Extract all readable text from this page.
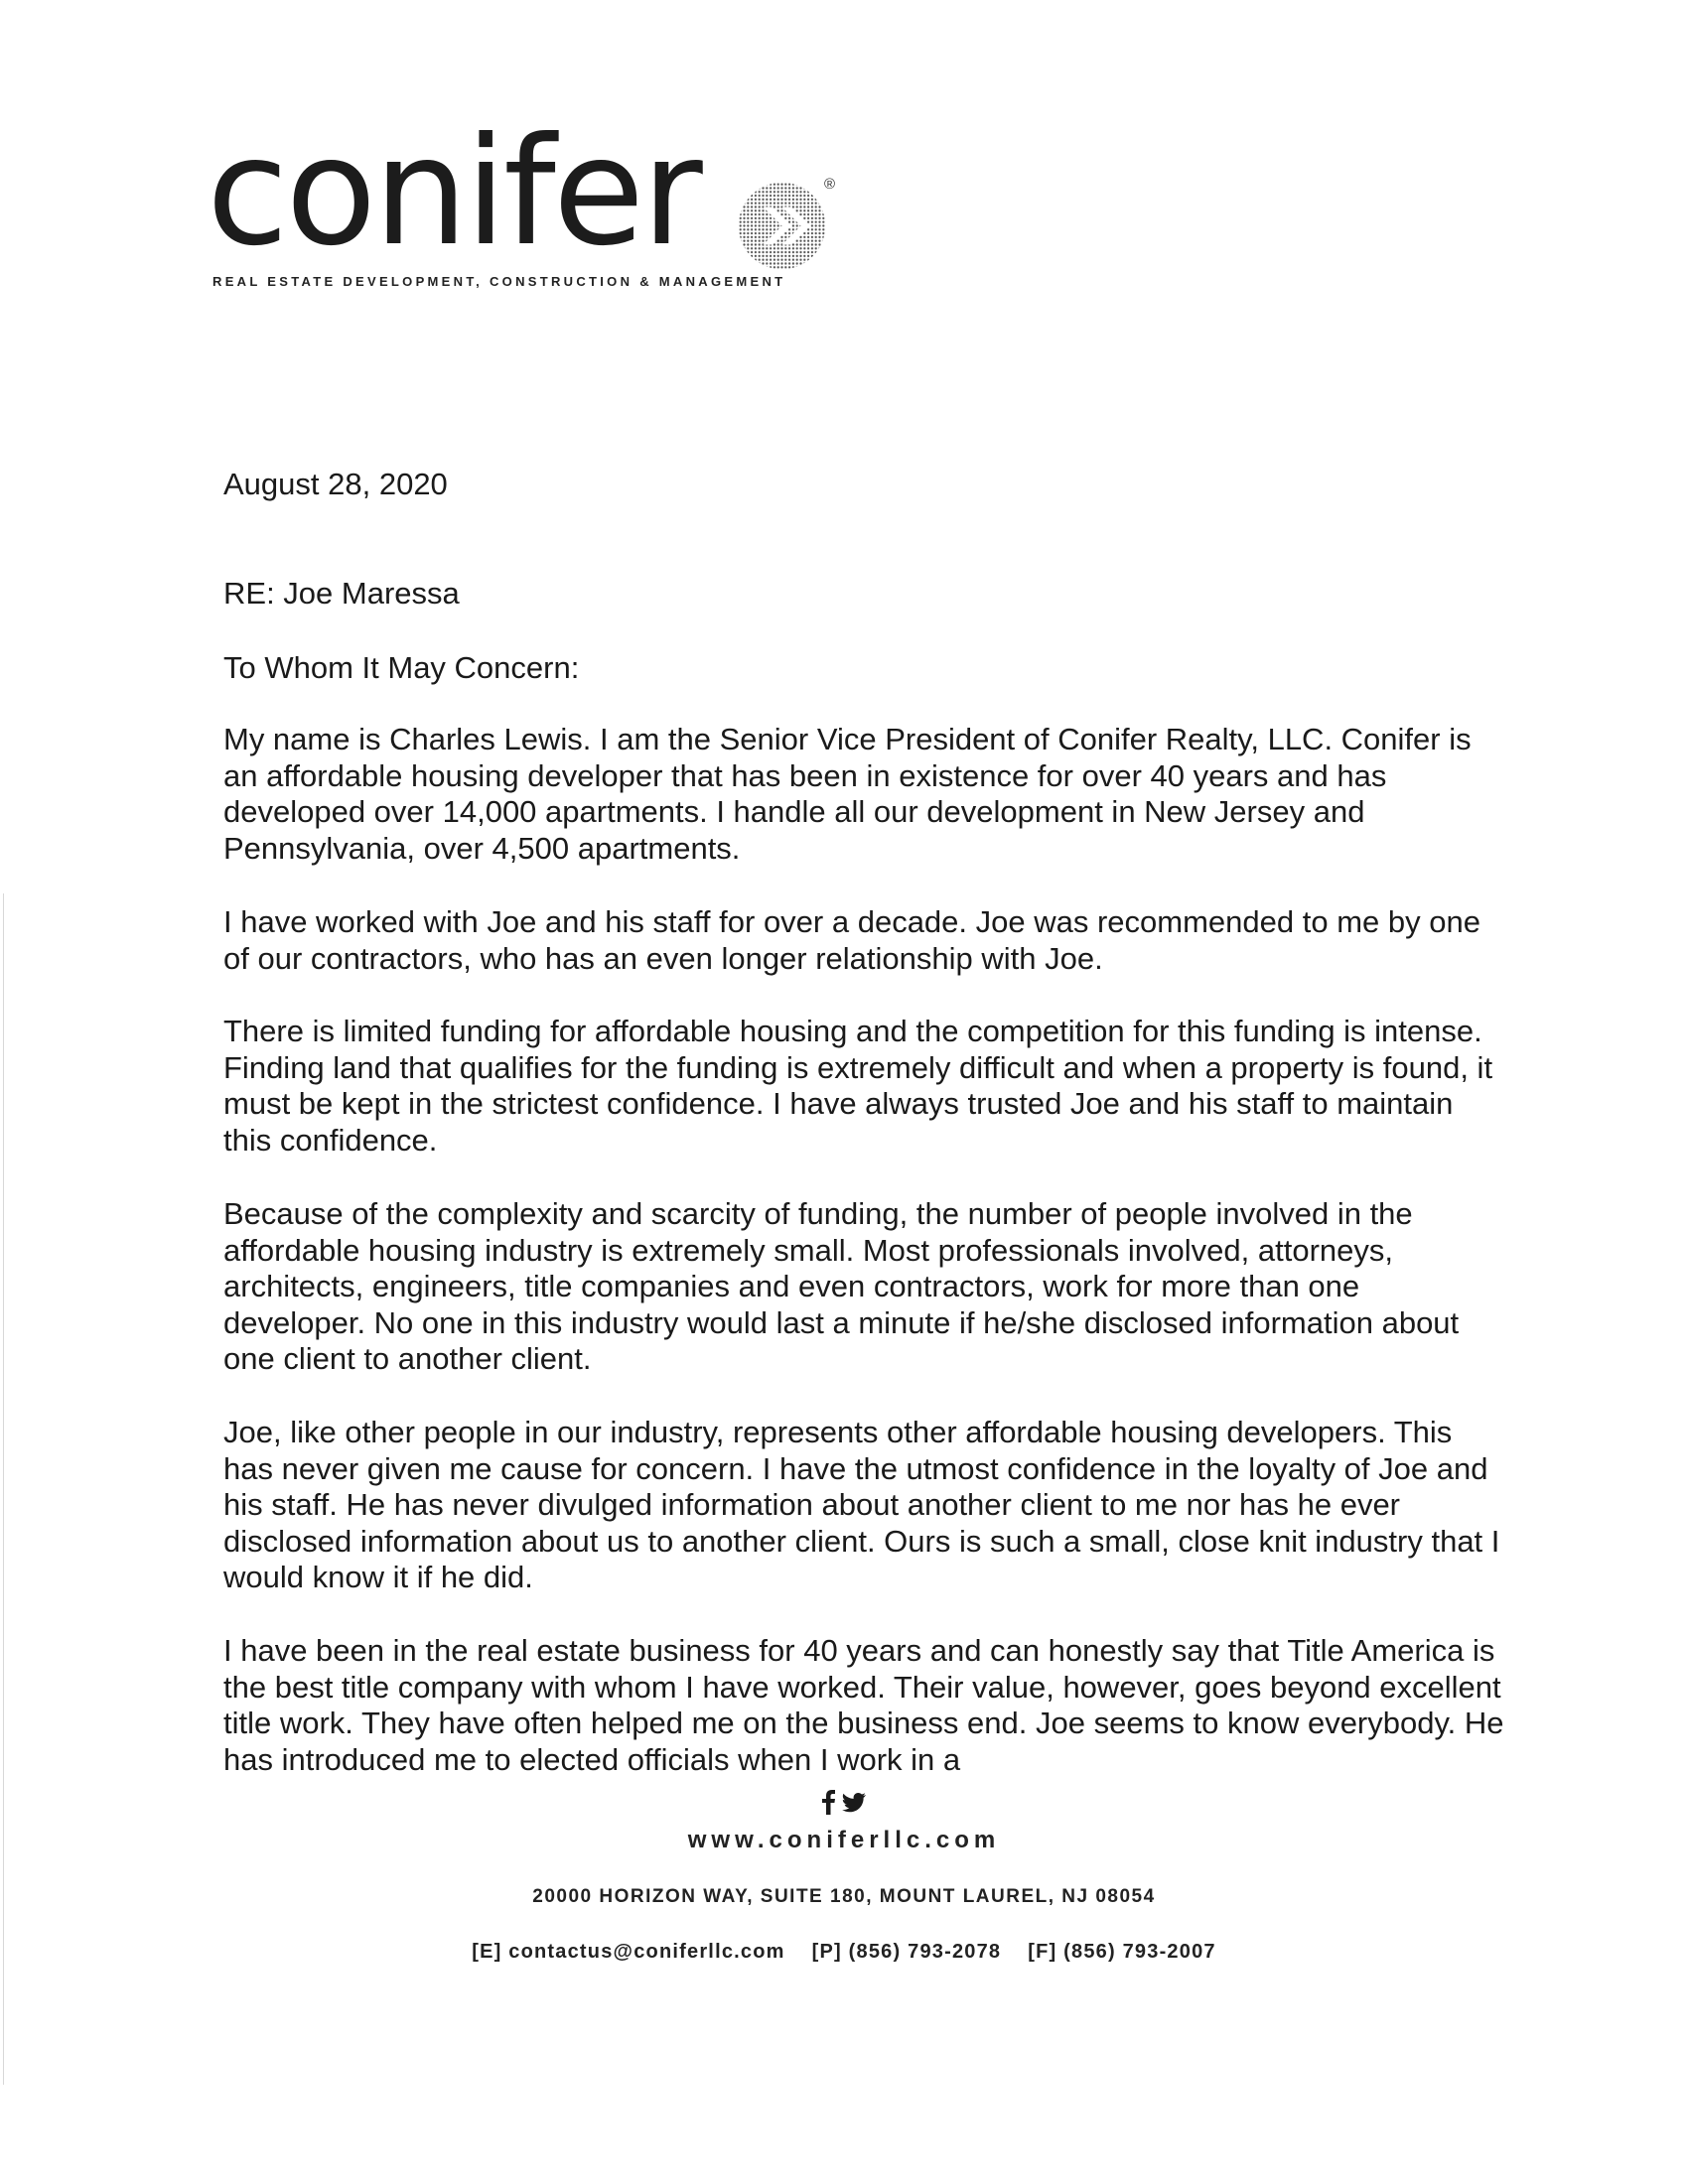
conifer	®
REAL ESTATE DEVELOPMENT, CONSTRUCTION & MANAGEMENT
August 28, 2020
RE: Joe Maressa
To Whom It May Concern:

My name is Charles Lewis. I am the Senior Vice President of Conifer Realty, LLC. Conifer is an affordable housing developer that has been in existence for over 40 years and has developed over 14,000 apartments. I handle all our development in New Jersey and Pennsylvania, over 4,500 apartments.

I have worked with Joe and his staff for over a decade. Joe was recommended to me by one of our contractors, who has an even longer relationship with Joe.

There is limited funding for affordable housing and the competition for this funding is intense. Finding land that qualifies for the funding is extremely difficult and when a property is found, it must be kept in the strictest confidence. I have always trusted Joe and his staff to maintain this confidence.

Because of the complexity and scarcity of funding, the number of people involved in the affordable housing industry is extremely small. Most professionals involved, attorneys, architects, engineers, title companies and even contractors, work for more than one developer. No one in this industry would last a minute if he/she disclosed information about one client to another client.

Joe, like other people in our industry, represents other affordable housing developers. This has never given me cause for concern. I have the utmost confidence in the loyalty of Joe and his staff. He has never divulged information about another client to me nor has he ever disclosed information about us to another client. Ours is such a small, close knit industry that I would know it if he did.

I have been in the real estate business for 40 years and can honestly say that Title America is the best title company with whom I have worked. Their value, however, goes beyond excellent title work. They have often helped me on the business end. Joe seems to know everybody. He has introduced me to elected officials when I work in a

www.coniferllc.com
20000 HORIZON WAY, SUITE 180, MOUNT LAUREL, NJ 08054
[E] contactus@coniferllc.com    [P] (856) 793-2078    [F] (856) 793-2007
